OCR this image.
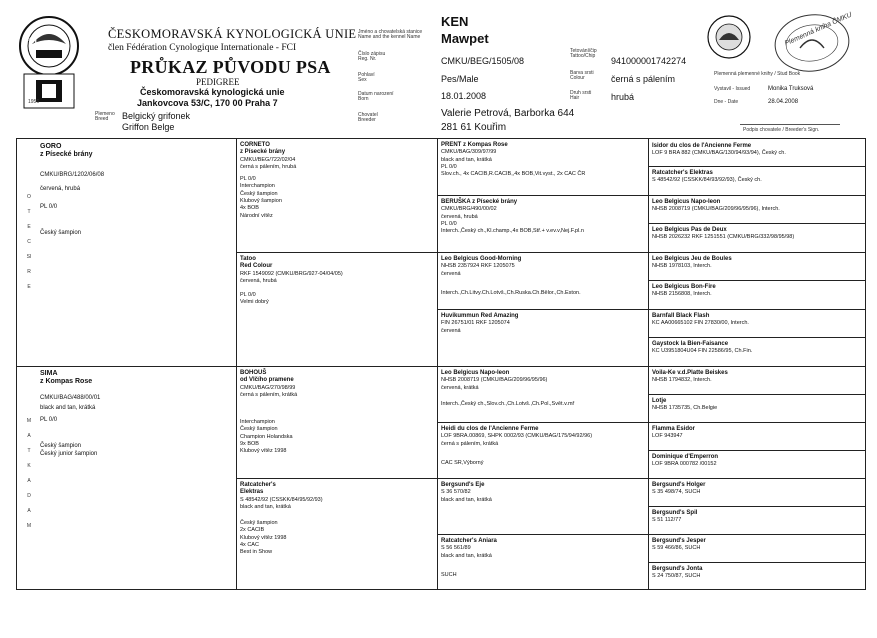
FCI
1956
ČESKOMORAVSKÁ KYNOLOGICKÁ UNIE
člen Fédération Cynologique Internationale - FCI
PRŮKAZ PŮVODU PSA
PEDIGREE
Českomoravská kynologická unie
Jankovcova 53/C, 170 00 Praha 7
Plemeno
Breed	Belgický grifonek
Griffon Belge
Jméno a chovatelská stanice
Name and the kennel Name
Číslo zápisu
Reg. Nr.
Pohlaví
Sex
Datum narození
Born
Chovatel
Breeder
KEN
Mawpet
CMKU/BEG/1505/08
Pes/Male
18.01.2008
Valerie Petrová, Barborka 644
281 61 Kouřim
Tetování/čip
Tattoo/Chip
Barva srsti
Colour
Druh srsti
Hair
941000001742274
černá s pálením
hrubá
Plemenná kniha ČMKU
Plemenná plemenné knihy / Stud Book
Vystavil - Issued	Monika Truksová
Dne - Date	28.04.2008
Podpis chovatele / Breeder's Sign.
OTEC SIRE
MATKA DAM
GORO
z Písecké brány
CMKU/BRG/1202/06/08
červená, hrubá
PL 0/0
Český šampion
SIMA
z Kompas Rose
CMKU/BAG/488/00/01
black and tan, krátká
PL 0/0
Český šampion
Český junior šampion
CORNETO
z Písecké brány
CMKU/BEG/722/02/04
černá s pálením, hrubá
PL 0/0
Interchampion
Český šampion
Klubový šampion
4x BOB
Národní vítěz
Tatoo
Red Colour
RKF 1549092 (CMKU/BRG/927-04/04/05)
červená, hrubá
PL 0/0
Velmi dobrý
BOHOUŠ
od Vlčího pramene
CMKU/BAG/270/98/99
černá s pálením, krátká
Interchampion
Český šampion
Champion Holandska
9x BOB
Klubový vítěz 1998
Ratcatcher's
Elektras
S 48542/92 (CSSKK/84/95/92/93)
black and tan, krátká
Český šampion
2x CACIB
Klubový vítěz 1998
4x CAC
Best in Show
PRENT z Kompas Rose
CMKU/BAG/309/97/99
black and tan, krátká
PL 0/0
Slov.ch., 4x CACIB,R.CACIB,,4x BOB,Vit.vyst., 2x CAC ČR
BERUŠKA z Písecké brány
CMKU/BRG/490/00/02
červená, hrubá
PL 0/0
Interch.,Český ch.,Kl.champ.,4x BOB,Stř.+ v.ev.v,Nej.F.pl.n
Leo Belgicus Good-Morning
NHSB 2357924 RKF 1205075
červená
Interch.,Ch.Litvy.Ch.Lotvš.,Ch.Ruska.Ch.Bělor.,Ch.Eston.
Huvikummun Red Amazing
FIN 26751/01 RKF 1205074
červená
Leo Belgicus Napo-leon
NHSB 2008719 (CMKU/BAG/209/96/95/96)
červená, krátká
Interch.,Český ch.,Slov.ch.,Ch.Lotvš.,Ch.Pol.,Svět.v.mř
Heidi du clos de l'Ancienne Ferme
LOF 9BRA.00869, SHPK 0002/93 (CMKU/BAG/175/94/92/96)
černá s pálením, krátká
CAC SR,Výborný
Bergsund's Eje
S 36 570/82
black and tan, krátká
Ratcatcher's Aniara
S 56 561/89
black and tan, krátká
SUCH
Isidor du clos de l'Ancienne Ferme
LOF 9 BRA 882 (CMKU/BAG/130/94/93/94), Český ch.
Ratcatcher's Elektras
S 48542/92 (CSSKK/84/93/92/93), Český ch.
Leo Belgicus Napo-leon
NHSB 2008719 (CMKU/BAG/209/96/95/96), Interch.
Leo Belgicus Pas de Deux
NHSB 2026232 RKF 1251551 (CMKU/BRG/332/98/95/98)
Leo Belgicus Jeu de Boules
NHSB 1978103, Interch.
Leo Belgicus Bon-Fire
NHSB 2156808, Interch.
Barnfall Black Flash
KC AA00665102 FIN 27830/00, Interch.
Gaystock la Bien-Faisance
KC U3951804U04 FIN 22586/95, Ch.Fin.
Voila-Ke v.d.Platte Beiskes
NHSB 1794832, Interch.
Lotje
NHSB 1735735, Ch.Belgie
Flamma Esidor
LOF 943947
Dominique d'Emperron
LOF 9BRA 000782 /00152
Bergsund's Holger
S 35 498/74, SUCH
Bergsund's Spil
S 51 112/77
Bergsund's Jesper
S 59 466/86, SUCH
Bergsund's Jonta
S 24 750/87, SUCH
